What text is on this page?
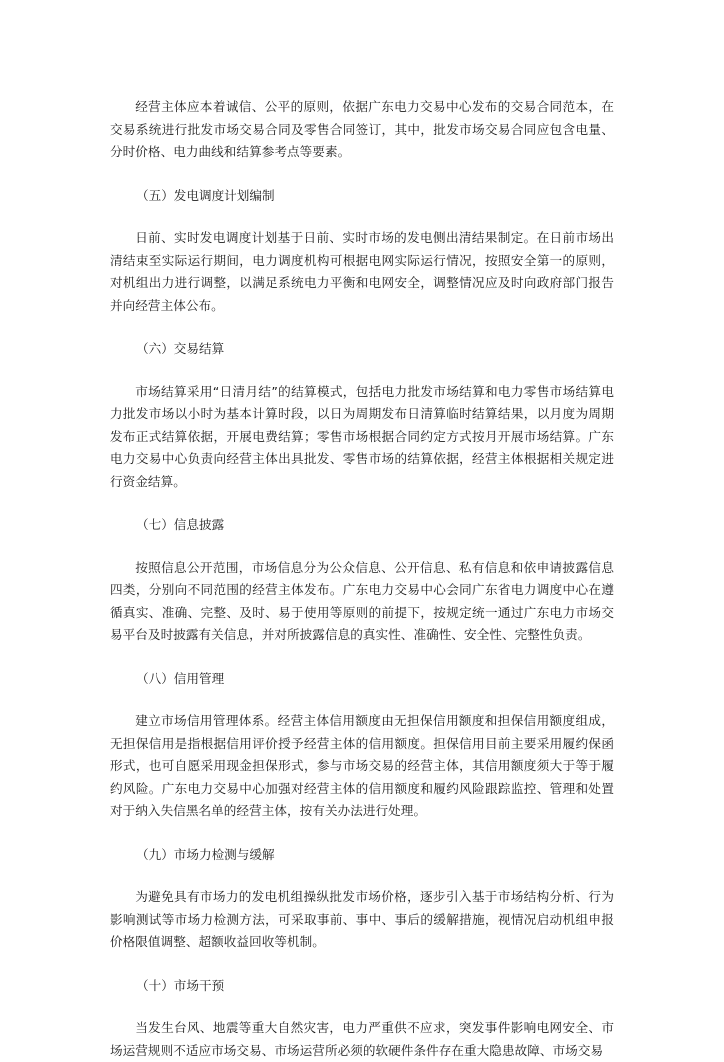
经营主体应本着诚信、公平的原则，依据广东电力交易中心发布的交易合同范本，在交易系统进行批发市场交易合同及零售合同签订，其中，批发市场交易合同应包含电量、分时价格、电力曲线和结算参考点等要素。

（五）发电调度计划编制

日前、实时发电调度计划基于日前、实时市场的发电侧出清结果制定。在日前市场出清结束至实际运行期间，电力调度机构可根据电网实际运行情况，按照安全第一的原则，对机组出力进行调整，以满足系统电力平衡和电网安全，调整情况应及时向政府部门报告并向经营主体公布。

（六）交易结算

市场结算采用“日清月结”的结算模式，包括电力批发市场结算和电力零售市场结算电力批发市场以小时为基本计算时段，以日为周期发布日清算临时结算结果，以月度为周期发布正式结算依据，开展电费结算；零售市场根据合同约定方式按月开展市场结算。广东电力交易中心负责向经营主体出具批发、零售市场的结算依据，经营主体根据相关规定进行资金结算。

（七）信息披露

按照信息公开范围，市场信息分为公众信息、公开信息、私有信息和依申请披露信息四类，分别向不同范围的经营主体发布。广东电力交易中心会同广东省电力调度中心在遵循真实、准确、完整、及时、易于使用等原则的前提下，按规定统一通过广东电力市场交易平台及时披露有关信息，并对所披露信息的真实性、准确性、安全性、完整性负责。

（八）信用管理

建立市场信用管理体系。经营主体信用额度由无担保信用额度和担保信用额度组成，无担保信用是指根据信用评价授予经营主体的信用额度。担保信用目前主要采用履约保函形式，也可自愿采用现金担保形式，参与市场交易的经营主体，其信用额度须大于等于履约风险。广东电力交易中心加强对经营主体的信用额度和履约风险跟踪监控、管理和处置对于纳入失信黑名单的经营主体，按有关办法进行处理。

（九）市场力检测与缓解

为避免具有市场力的发电机组操纵批发市场价格，逐步引入基于市场结构分析、行为影响测试等市场力检测方法，可采取事前、事中、事后的缓解措施，视情况启动机组申报价格限值调整、超额收益回收等机制。

（十）市场干预

当发生台风、地震等重大自然灾害，电力严重供不应求，突发事件影响电网安全、市场运营规则不适应市场交易、市场运营所必须的软硬件条件存在重大隐患故障、市场交易
